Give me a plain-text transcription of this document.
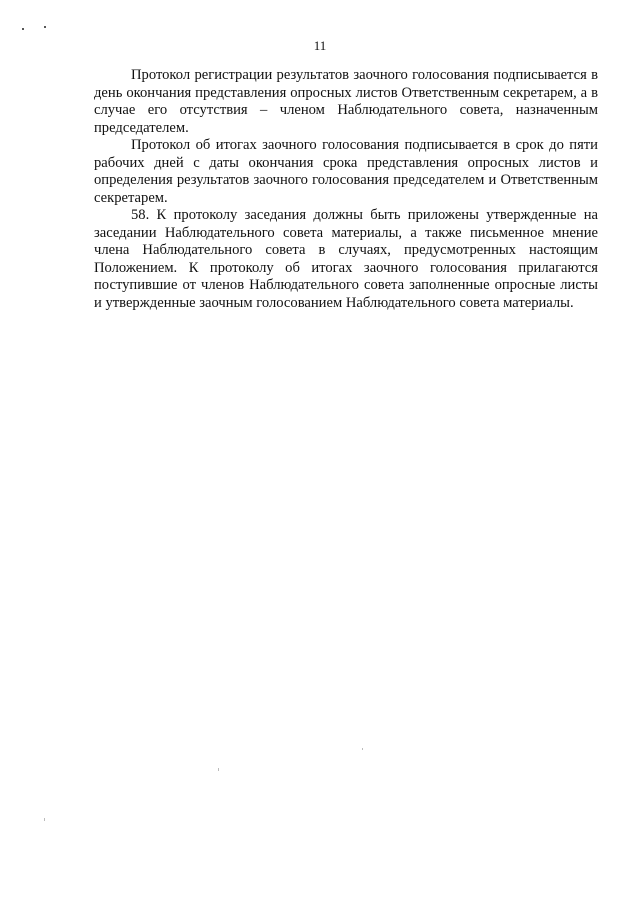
11

Протокол регистрации результатов заочного голосования подписывается в день окончания представления опросных листов Ответственным секретарем, а в случае его отсутствия – членом Наблюдательного совета, назначенным председателем.

Протокол об итогах заочного голосования подписывается в срок до пяти рабочих дней с даты окончания срока представления опросных листов и определения результатов заочного голосования председателем и Ответственным секретарем.

58. К протоколу заседания должны быть приложены утвержденные на заседании Наблюдательного совета материалы, а также письменное мнение члена Наблюдательного совета в случаях, предусмотренных настоящим Положением. К протоколу об итогах заочного голосования прилагаются поступившие от членов Наблюдательного совета заполненные опросные листы и утвержденные заочным голосованием Наблюдательного совета материалы.
